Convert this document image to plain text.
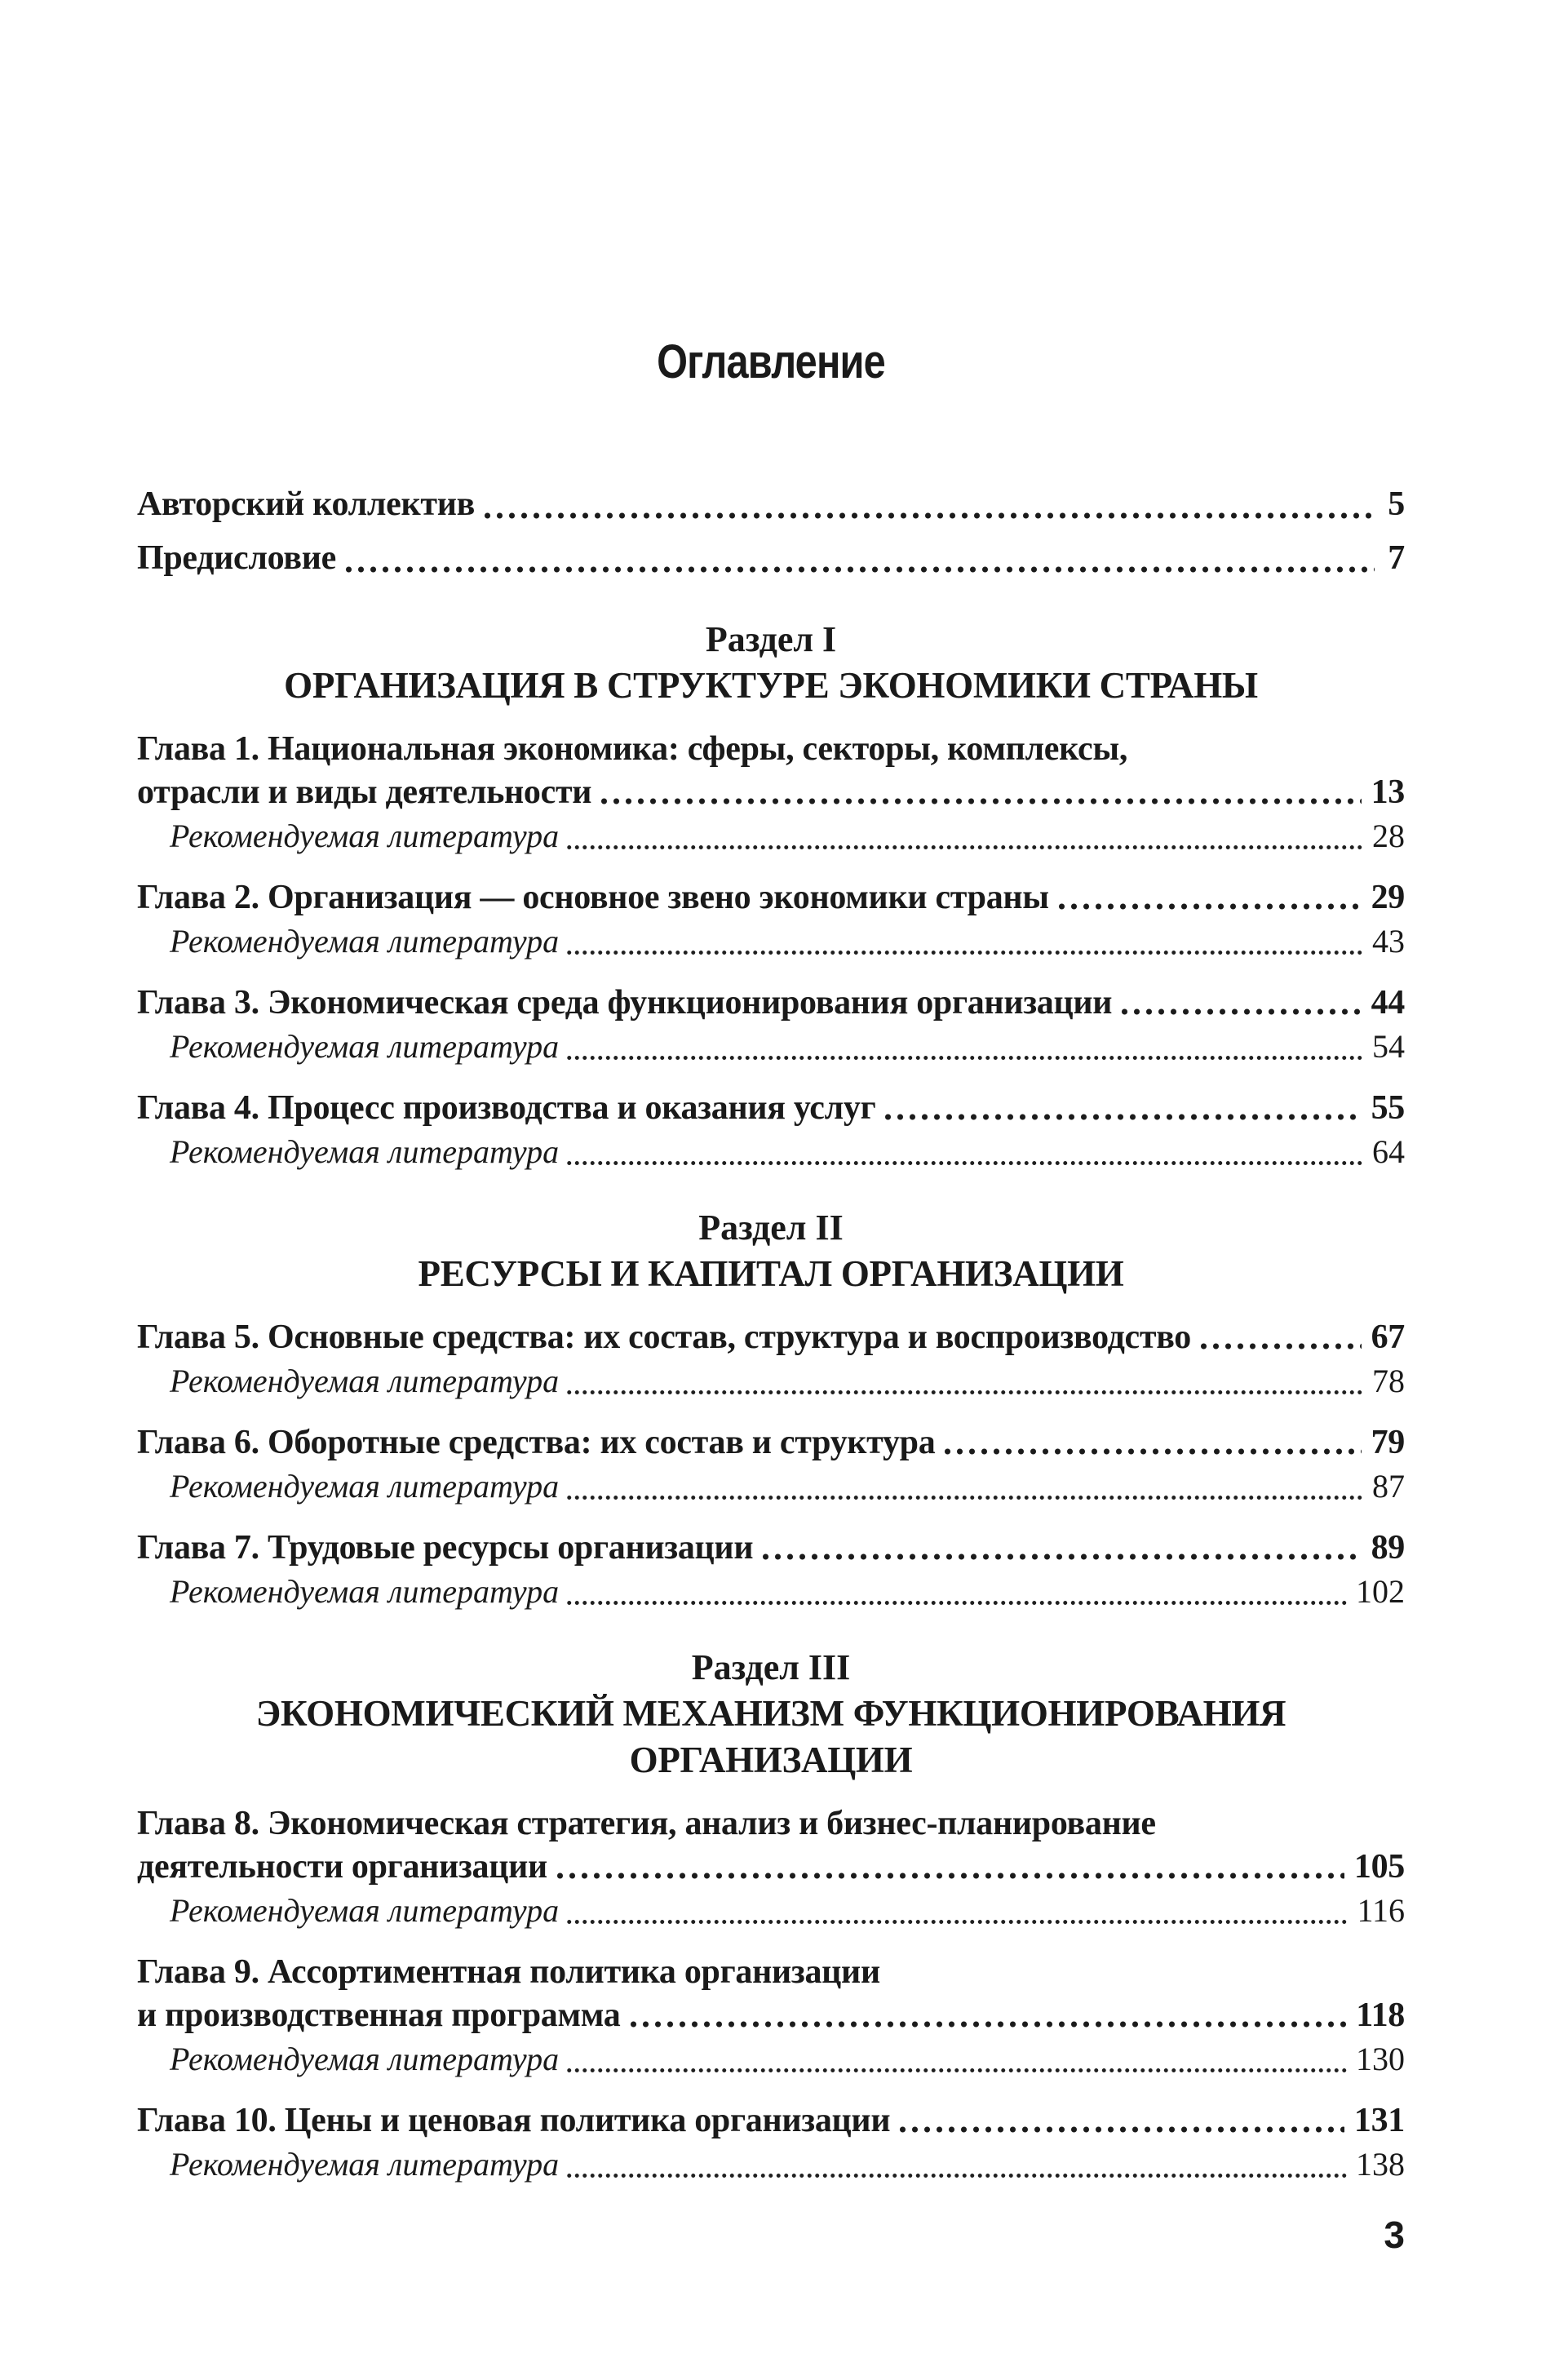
Оглавление
Авторский коллектив	5
Предисловие	7
Раздел I
ОРГАНИЗАЦИЯ В СТРУКТУРЕ ЭКОНОМИКИ СТРАНЫ
Глава 1. Национальная экономика: сферы, секторы, комплексы,
отрасли и виды деятельности	13
Рекомендуемая литература	28
Глава 2. Организация — основное звено экономики страны	29
Рекомендуемая литература	43
Глава 3. Экономическая среда функционирования организации	44
Рекомендуемая литература	54
Глава 4. Процесс производства и оказания услуг	55
Рекомендуемая литература	64
Раздел II
РЕСУРСЫ И КАПИТАЛ ОРГАНИЗАЦИИ
Глава 5. Основные средства: их состав, структура и воспроизводство	67
Рекомендуемая литература	78
Глава 6. Оборотные средства: их состав и структура	79
Рекомендуемая литература	87
Глава 7. Трудовые ресурсы организации	89
Рекомендуемая литература	102
Раздел III
ЭКОНОМИЧЕСКИЙ МЕХАНИЗМ ФУНКЦИОНИРОВАНИЯ
ОРГАНИЗАЦИИ
Глава 8. Экономическая стратегия, анализ и бизнес-планирование
деятельности организации	105
Рекомендуемая литература	116
Глава 9. Ассортиментная политика организации
и производственная программа	118
Рекомендуемая литература	130
Глава 10. Цены и ценовая политика организации	131
Рекомендуемая литература	138
3
